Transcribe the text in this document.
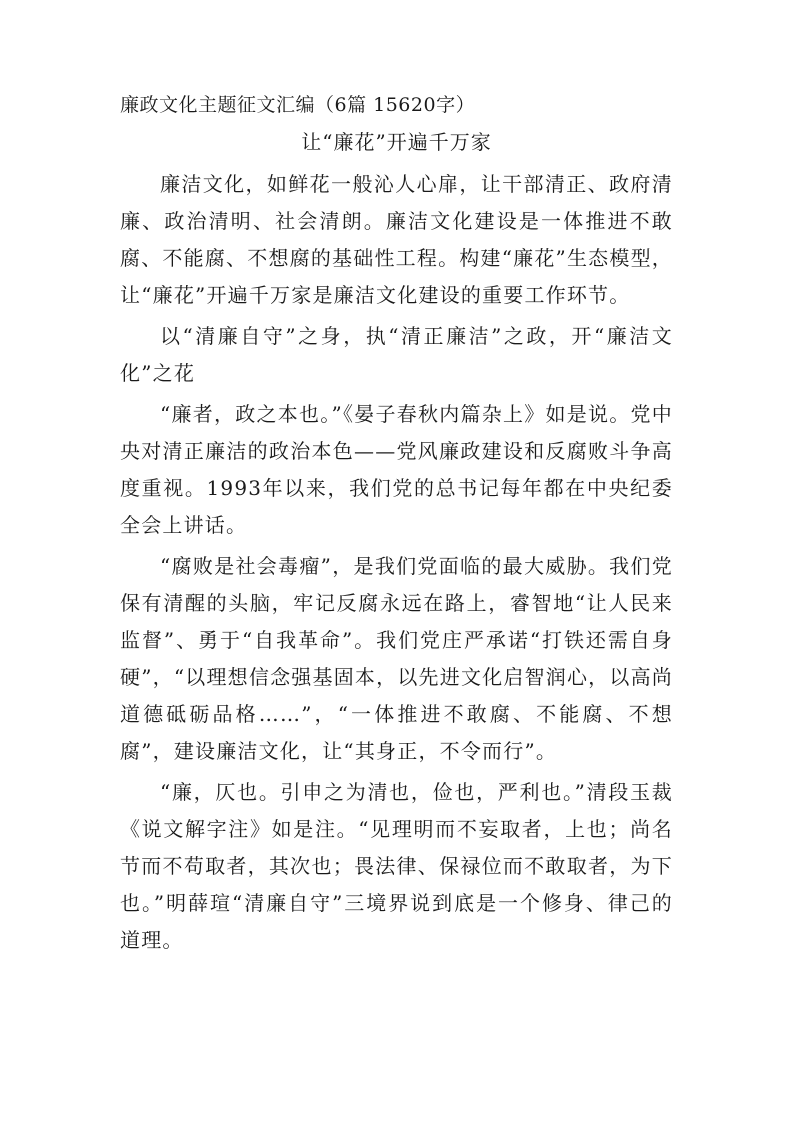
廉政文化主题征文汇编（6篇 15620字）

让“廉花”开遍千万家

廉洁文化，如鲜花一般沁人心扉，让干部清正、政府清廉、政治清明、社会清朗。廉洁文化建设是一体推进不敢腐、不能腐、不想腐的基础性工程。构建“廉花”生态模型，让“廉花”开遍千万家是廉洁文化建设的重要工作环节。

以“清廉自守”之身，执“清正廉洁”之政，开“廉洁文化”之花

“廉者，政之本也。”《晏子春秋内篇杂上》如是说。党中央对清正廉洁的政治本色——党风廉政建设和反腐败斗争高度重视。1993年以来，我们党的总书记每年都在中央纪委全会上讲话。

“腐败是社会毒瘤”，是我们党面临的最大威胁。我们党保有清醒的头脑，牢记反腐永远在路上，睿智地“让人民来监督”、勇于“自我革命”。我们党庄严承诺“打铁还需自身硬”，“以理想信念强基固本，以先进文化启智润心，以高尚道德砥砺品格……”，“一体推进不敢腐、不能腐、不想腐”，建设廉洁文化，让“其身正，不令而行”。

“廉，仄也。引申之为清也，俭也，严利也。”清段玉裁《说文解字注》如是注。“见理明而不妄取者，上也；尚名节而不苟取者，其次也；畏法律、保禄位而不敢取者，为下也。”明薛瑄“清廉自守”三境界说到底是一个修身、律己的道理。
